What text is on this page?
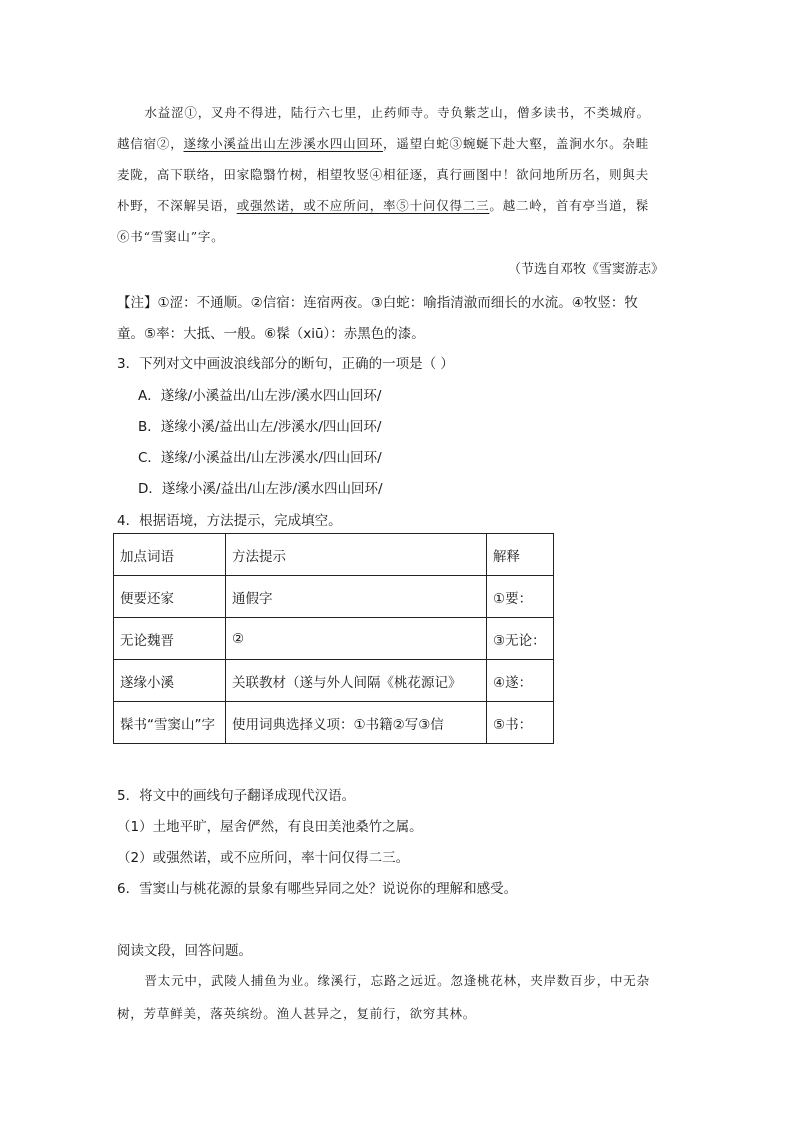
水益涩①，叉舟不得进，陆行六七里，止药师寺。寺负紫芝山，僧多读书，不类城府。

越信宿②，遂缘小溪益出山左涉溪水四山回环，遥望白蛇③蜿蜒下赴大壑，盖涧水尔。杂畦

麦陇，高下联络，田家隐翳竹树，相望牧竖④相征逐，真行画图中！欲问地所历名，则與夫

朴野，不深解吴语，或强然诺，或不应所问，率⑤十问仅得二三。越二岭，首有亭当道，髹

⑥书“雪窦山”字。

（节选自邓牧《雪窦游志》
【注】①涩：不通顺。②信宿：连宿两夜。③白蛇：喻指清澈而细长的水流。④牧竖：牧
童。⑤率：大抵、一般。⑥髹（xiū）：赤黑色的漆。
3．下列对文中画波浪线部分的断句，正确的一项是（ ）
A．遂缘/小溪益出/山左涉/溪水四山回环/
B．遂缘小溪/益出山左/涉溪水/四山回环/
C．遂缘/小溪益出/山左涉溪水/四山回环/
D．遂缘小溪/益出/山左涉/溪水四山回环/
4．根据语境，方法提示，完成填空。
加点词语	方法提示	解释
便要还家	通假字	①要：
无论魏晋	②	③无论：
遂缘小溪	关联教材（遂与外人间隔《桃花源记》	④遂：
髹书“雪窦山”字	使用词典选择义项：①书籍②写③信	⑤书：
5．将文中的画线句子翻译成现代汉语。
（1）土地平旷，屋舍俨然，有良田美池桑竹之属。
（2）或强然诺，或不应所问，率十问仅得二三。
6．雪窦山与桃花源的景象有哪些异同之处？说说你的理解和感受。
阅读文段，回答问题。
晋太元中，武陵人捕鱼为业。缘溪行，忘路之远近。忽逢桃花林，夹岸数百步，中无杂
树，芳草鲜美，落英缤纷。渔人甚异之，复前行，欲穷其林。
